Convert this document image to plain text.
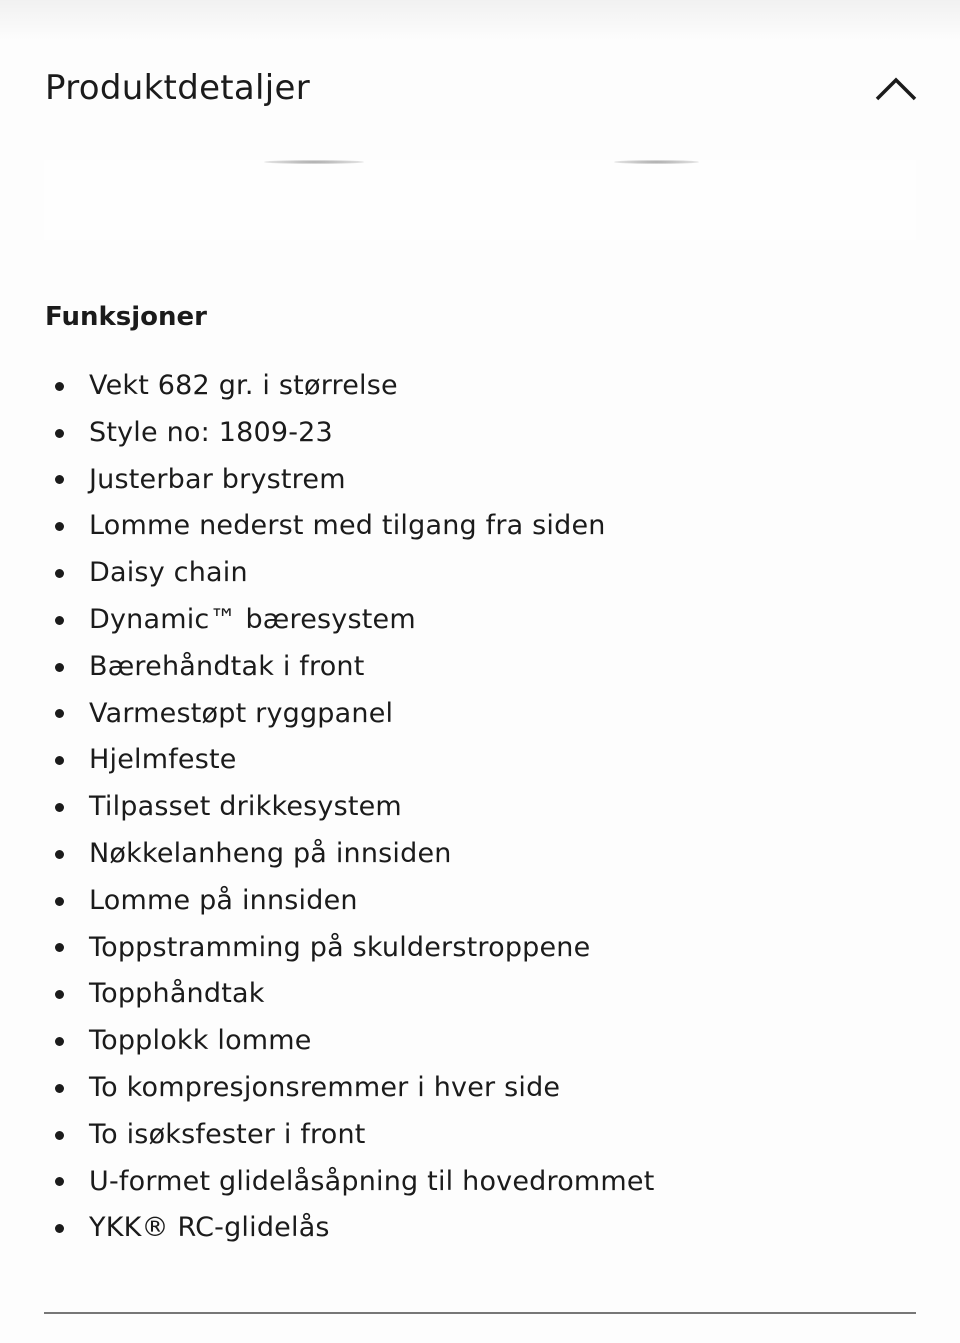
Produktdetaljer
Funksjoner
Vekt 682 gr. i størrelse
Style no: 1809-23
Justerbar brystrem
Lomme nederst med tilgang fra siden
Daisy chain
Dynamic™ bæresystem
Bærehåndtak i front
Varmestøpt ryggpanel
Hjelmfeste
Tilpasset drikkesystem
Nøkkelanheng på innsiden
Lomme på innsiden
Toppstramming på skulderstroppene
Topphåndtak
Topplokk lomme
To kompresjonsremmer i hver side
To isøksfester i front
U-formet glidelåsåpning til hovedrommet
YKK® RC-glidelås
